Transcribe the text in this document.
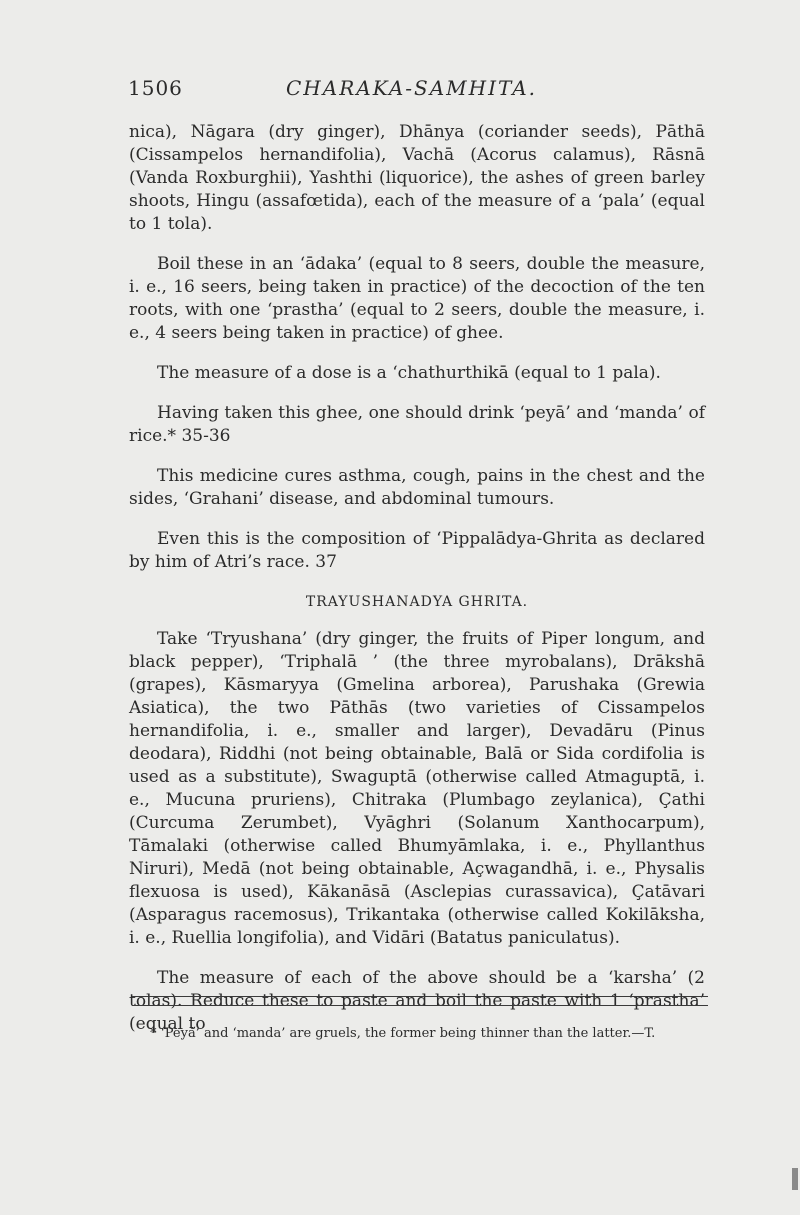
1506	CHARAKA-SAMHITA.

nica), Nāgara (dry ginger), Dhānya (coriander seeds), Pāthā (Cissampelos hernandifolia), Vachā (Acorus calamus), Rāsnā (Vanda Roxburghii), Yashthi (liquorice), the ashes of green barley shoots, Hingu (assafœtida), each of the measure of a ‘pala’ (equal to 1 tola).

Boil these in an ‘ādaka’ (equal to 8 seers, double the measure, i. e., 16 seers, being taken in practice) of the decoction of the ten roots, with one ‘prastha’ (equal to 2 seers, double the measure, i. e., 4 seers being taken in practice) of ghee.

The measure of a dose is a ‘chathurthikā (equal to 1 pala).

Having taken this ghee, one should drink ‘peyā’ and ‘manda’ of rice.* 35-36

This medicine cures asthma, cough, pains in the chest and the sides, ‘Grahani’ disease, and abdominal tumours.

Even this is the composition of ‘Pippalādya-Ghrita as declared by him of Atri’s race. 37

TRAYUSHANADYA GHRITA.

Take ‘Tryushana’ (dry ginger, the fruits of Piper longum, and black pepper), ‘Triphalā ’ (the three myrobalans), Drākshā (grapes), Kāsmaryya (Gmelina arborea), Parushaka (Grewia Asiatica), the two Pāthās (two varieties of Cissampelos hernandifolia, i. e., smaller and larger), Devadāru (Pinus deodara), Riddhi (not being obtainable, Balā or Sida cordifolia is used as a substitute), Swaguptā (otherwise called Atmaguptā, i. e., Mucuna pruriens), Chitraka (Plumbago zeylanica), Çathi (Curcuma Zerumbet), Vyāghri (Solanum Xanthocarpum), Tāmalaki (otherwise called Bhumyāmlaka, i. e., Phyllanthus Niruri), Medā (not being obtainable, Açwagandhā, i. e., Physalis flexuosa is used), Kākanāsā (Asclepias curassavica), Çatāvari (Asparagus racemosus), Trikantaka (otherwise called Kokilāksha, i. e., Ruellia longifolia), and Vidāri (Batatus paniculatus).

The measure of each of the above should be a ‘karsha’ (2 tolas). Reduce these to paste and boil the paste with 1 ‘prastha’ (equal to

* ‘Peyā’ and ‘manda’ are gruels, the former being thinner than the latter.—T.
